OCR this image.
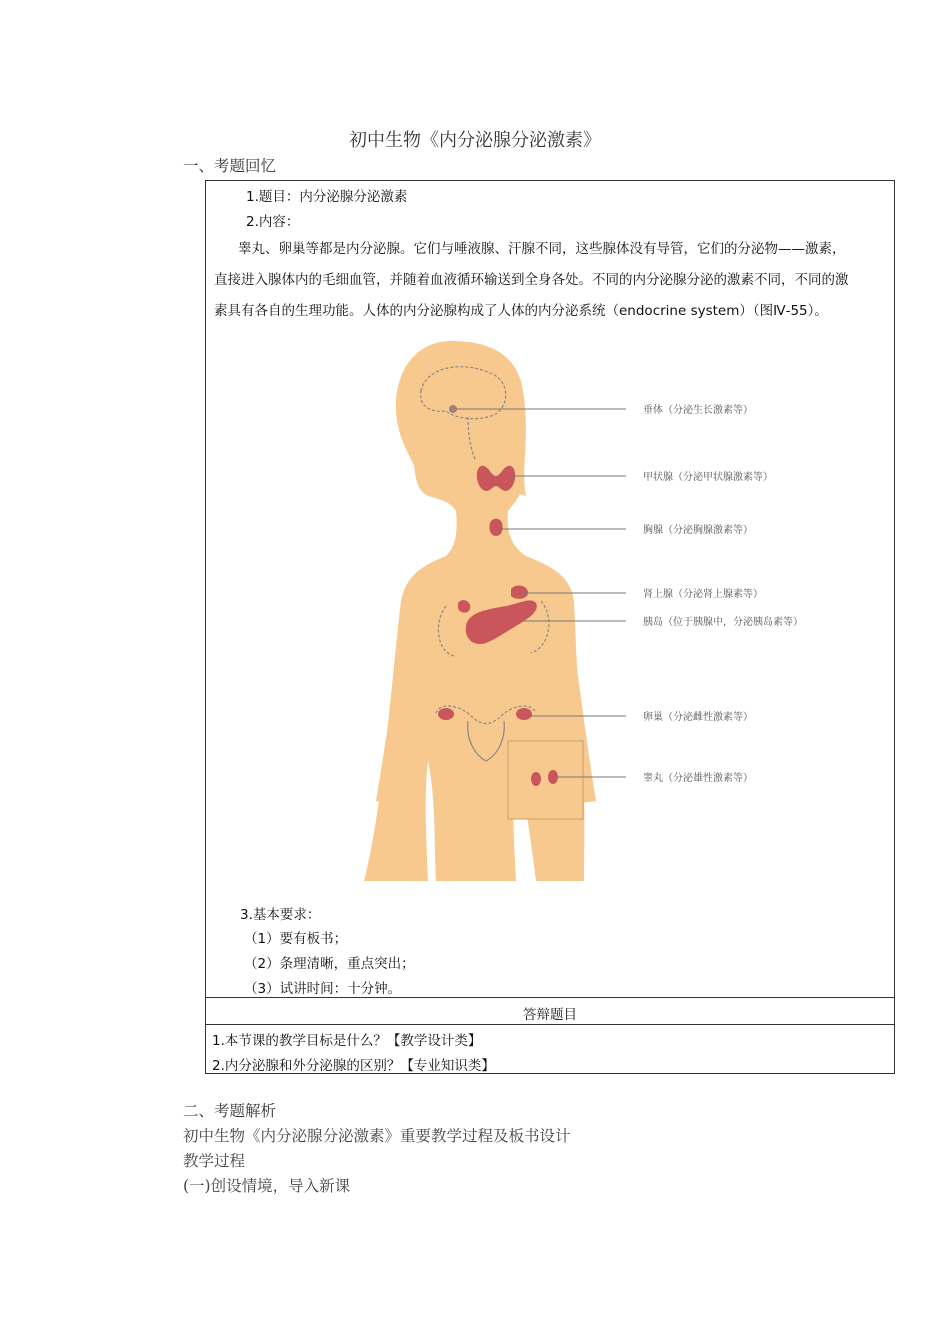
初中生物《内分泌腺分泌激素》
一、考题回忆
1.题目：内分泌腺分泌激素
2.内容：
睾丸、卵巢等都是内分泌腺。它们与唾液腺、汗腺不同，这些腺体没有导管，它们的分泌物——激素，
直接进入腺体内的毛细血管，并随着血液循环输送到全身各处。不同的内分泌腺分泌的激素不同，不同的激
素具有各自的生理功能。人体的内分泌腺构成了人体的内分泌系统（endocrine system）（图Ⅳ-55）。
垂体（分泌生长激素等）
甲状腺（分泌甲状腺激素等）
胸腺（分泌胸腺激素等）
肾上腺（分泌肾上腺素等）
胰岛（位于胰腺中，分泌胰岛素等）
卵巢（分泌雌性激素等）
睾丸（分泌雄性激素等）
3.基本要求：
（1）要有板书；
（2）条理清晰，重点突出；
（3）试讲时间：十分钟。
答辩题目
1.本节课的教学目标是什么？【教学设计类】
2.内分泌腺和外分泌腺的区别？【专业知识类】
二、考题解析
初中生物《内分泌腺分泌激素》重要教学过程及板书设计
教学过程
(一)创设情境，导入新课
